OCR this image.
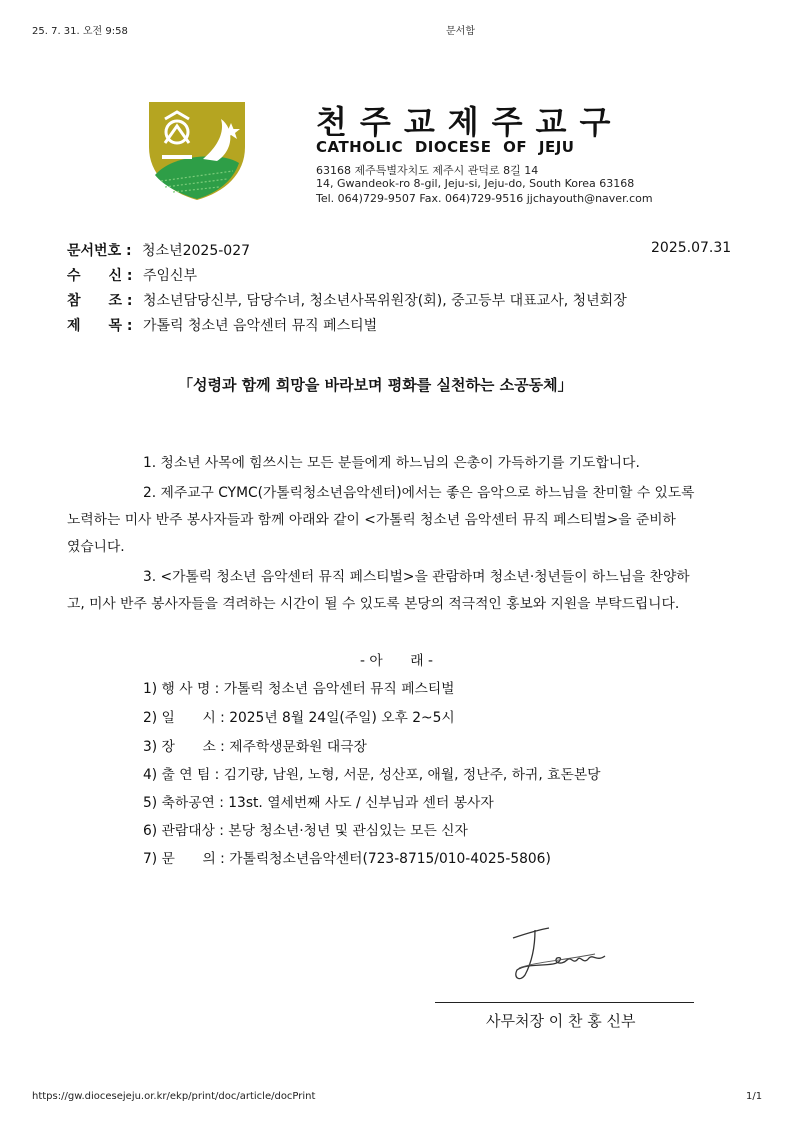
25. 7. 31. 오전 9:58	문서함
천주교제주교구
CATHOLIC DIOCESE OF JEJU
63168 제주특별자치도 제주시 관덕로 8길 14
14, Gwandeok-ro 8-gil, Jeju-si, Jeju-do, South Korea 63168
Tel. 064)729-9507 Fax. 064)729-9516 jjchayouth@naver.com
문서번호 : 청소년2025-027	2025.07.31
수　　신 : 주임신부
참　　조 : 청소년담당신부, 담당수녀, 청소년사목위원장(회), 중고등부 대표교사, 청년회장
제　　목 : 가톨릭 청소년 음악센터 뮤직 페스티벌
「성령과 함께 희망을 바라보며 평화를 실천하는 소공동체」
1. 청소년 사목에 힘쓰시는 모든 분들에게 하느님의 은총이 가득하기를 기도합니다.
2. 제주교구 CYMC(가톨릭청소년음악센터)에서는 좋은 음악으로 하느님을 찬미할 수 있도록
노력하는 미사 반주 봉사자들과 함께 아래와 같이 <가톨릭 청소년 음악센터 뮤직 페스티벌>을 준비하
였습니다.
3. <가톨릭 청소년 음악센터 뮤직 페스티벌>을 관람하며 청소년·청년들이 하느님을 찬양하
고, 미사 반주 봉사자들을 격려하는 시간이 될 수 있도록 본당의 적극적인 홍보와 지원을 부탁드립니다.
- 아　　래 -
1) 행 사 명 : 가톨릭 청소년 음악센터 뮤직 페스티벌
2) 일　　시 : 2025년 8월 24일(주일) 오후 2~5시
3) 장　　소 : 제주학생문화원 대극장
4) 출 연 팀 : 김기량, 남원, 노형, 서문, 성산포, 애월, 정난주, 하귀, 효돈본당
5) 축하공연 : 13st. 열세번째 사도 / 신부님과 센터 봉사자
6) 관람대상 : 본당 청소년·청년 및 관심있는 모든 신자
7) 문　　의 : 가톨릭청소년음악센터(723-8715/010-4025-5806)
사무처장 이 찬 홍 신부
https://gw.diocesejeju.or.kr/ekp/print/doc/article/docPrint	1/1
